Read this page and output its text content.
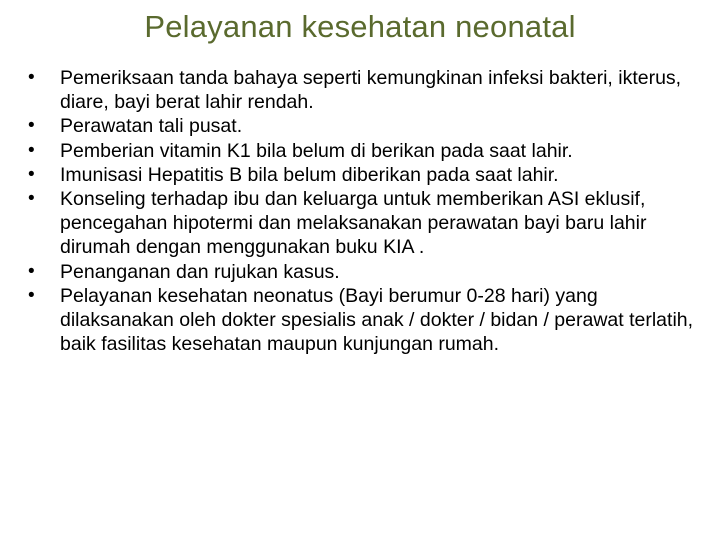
Pelayanan kesehatan neonatal
•	Pemeriksaan tanda bahaya seperti kemungkinan infeksi bakteri, ikterus, diare, bayi berat lahir rendah.
•	Perawatan tali pusat.
•	Pemberian vitamin K1 bila belum di berikan pada saat lahir.
•	Imunisasi Hepatitis B bila belum diberikan pada saat lahir.
•	Konseling terhadap ibu dan keluarga untuk memberikan ASI eklusif, pencegahan hipotermi dan melaksanakan perawatan bayi baru lahir dirumah dengan menggunakan buku KIA .
•	Penanganan dan rujukan kasus.
•	Pelayanan kesehatan neonatus (Bayi berumur 0-28 hari) yang dilaksanakan oleh dokter spesialis anak / dokter / bidan / perawat terlatih, baik fasilitas kesehatan maupun kunjungan rumah.
